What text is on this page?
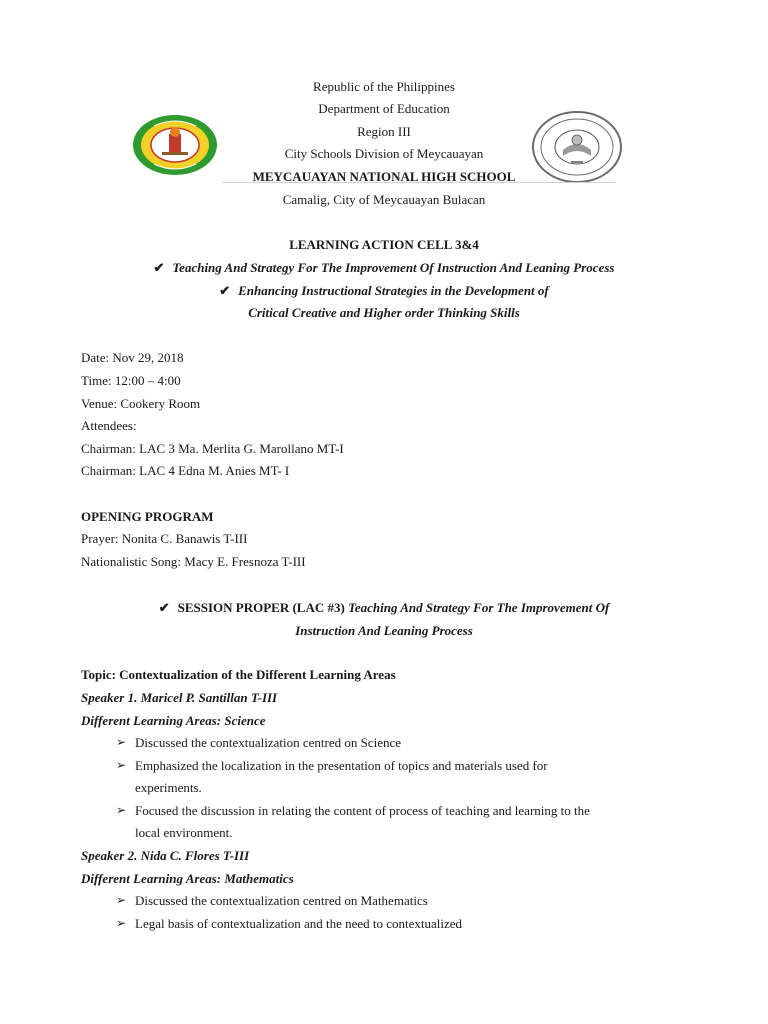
Republic of the Philippines
Department of Education
Region III
City Schools Division of Meycauayan
MEYCAUAYAN NATIONAL HIGH SCHOOL
Camalig, City of Meycauayan Bulacan
LEARNING ACTION CELL 3&4
✔ Teaching And Strategy For The Improvement Of Instruction And Leaning Process
✔ Enhancing Instructional Strategies in the Development of
Critical Creative and Higher order Thinking Skills
Date: Nov 29, 2018
Time: 12:00 – 4:00
Venue: Cookery Room
Attendees:
Chairman: LAC 3 Ma. Merlita G. Marollano MT-I
Chairman: LAC 4 Edna M. Anies MT- I
OPENING PROGRAM
Prayer: Nonita C. Banawis T-III
Nationalistic Song: Macy E. Fresnoza T-III
✔ SESSION PROPER (LAC #3) Teaching And Strategy For The Improvement Of
Instruction And Leaning Process
Topic: Contextualization of the Different Learning Areas
Speaker 1. Maricel P. Santillan T-III
Different Learning Areas: Science
➢ Discussed the contextualization centred on Science
➢ Emphasized the localization in the presentation of topics and materials used for
experiments.
➢ Focused the discussion in relating the content of process of teaching and learning to the
local environment.
Speaker 2. Nida C. Flores T-III
Different Learning Areas: Mathematics
➢ Discussed the contextualization centred on Mathematics
➢ Legal basis of contextualization and the need to contextualized
